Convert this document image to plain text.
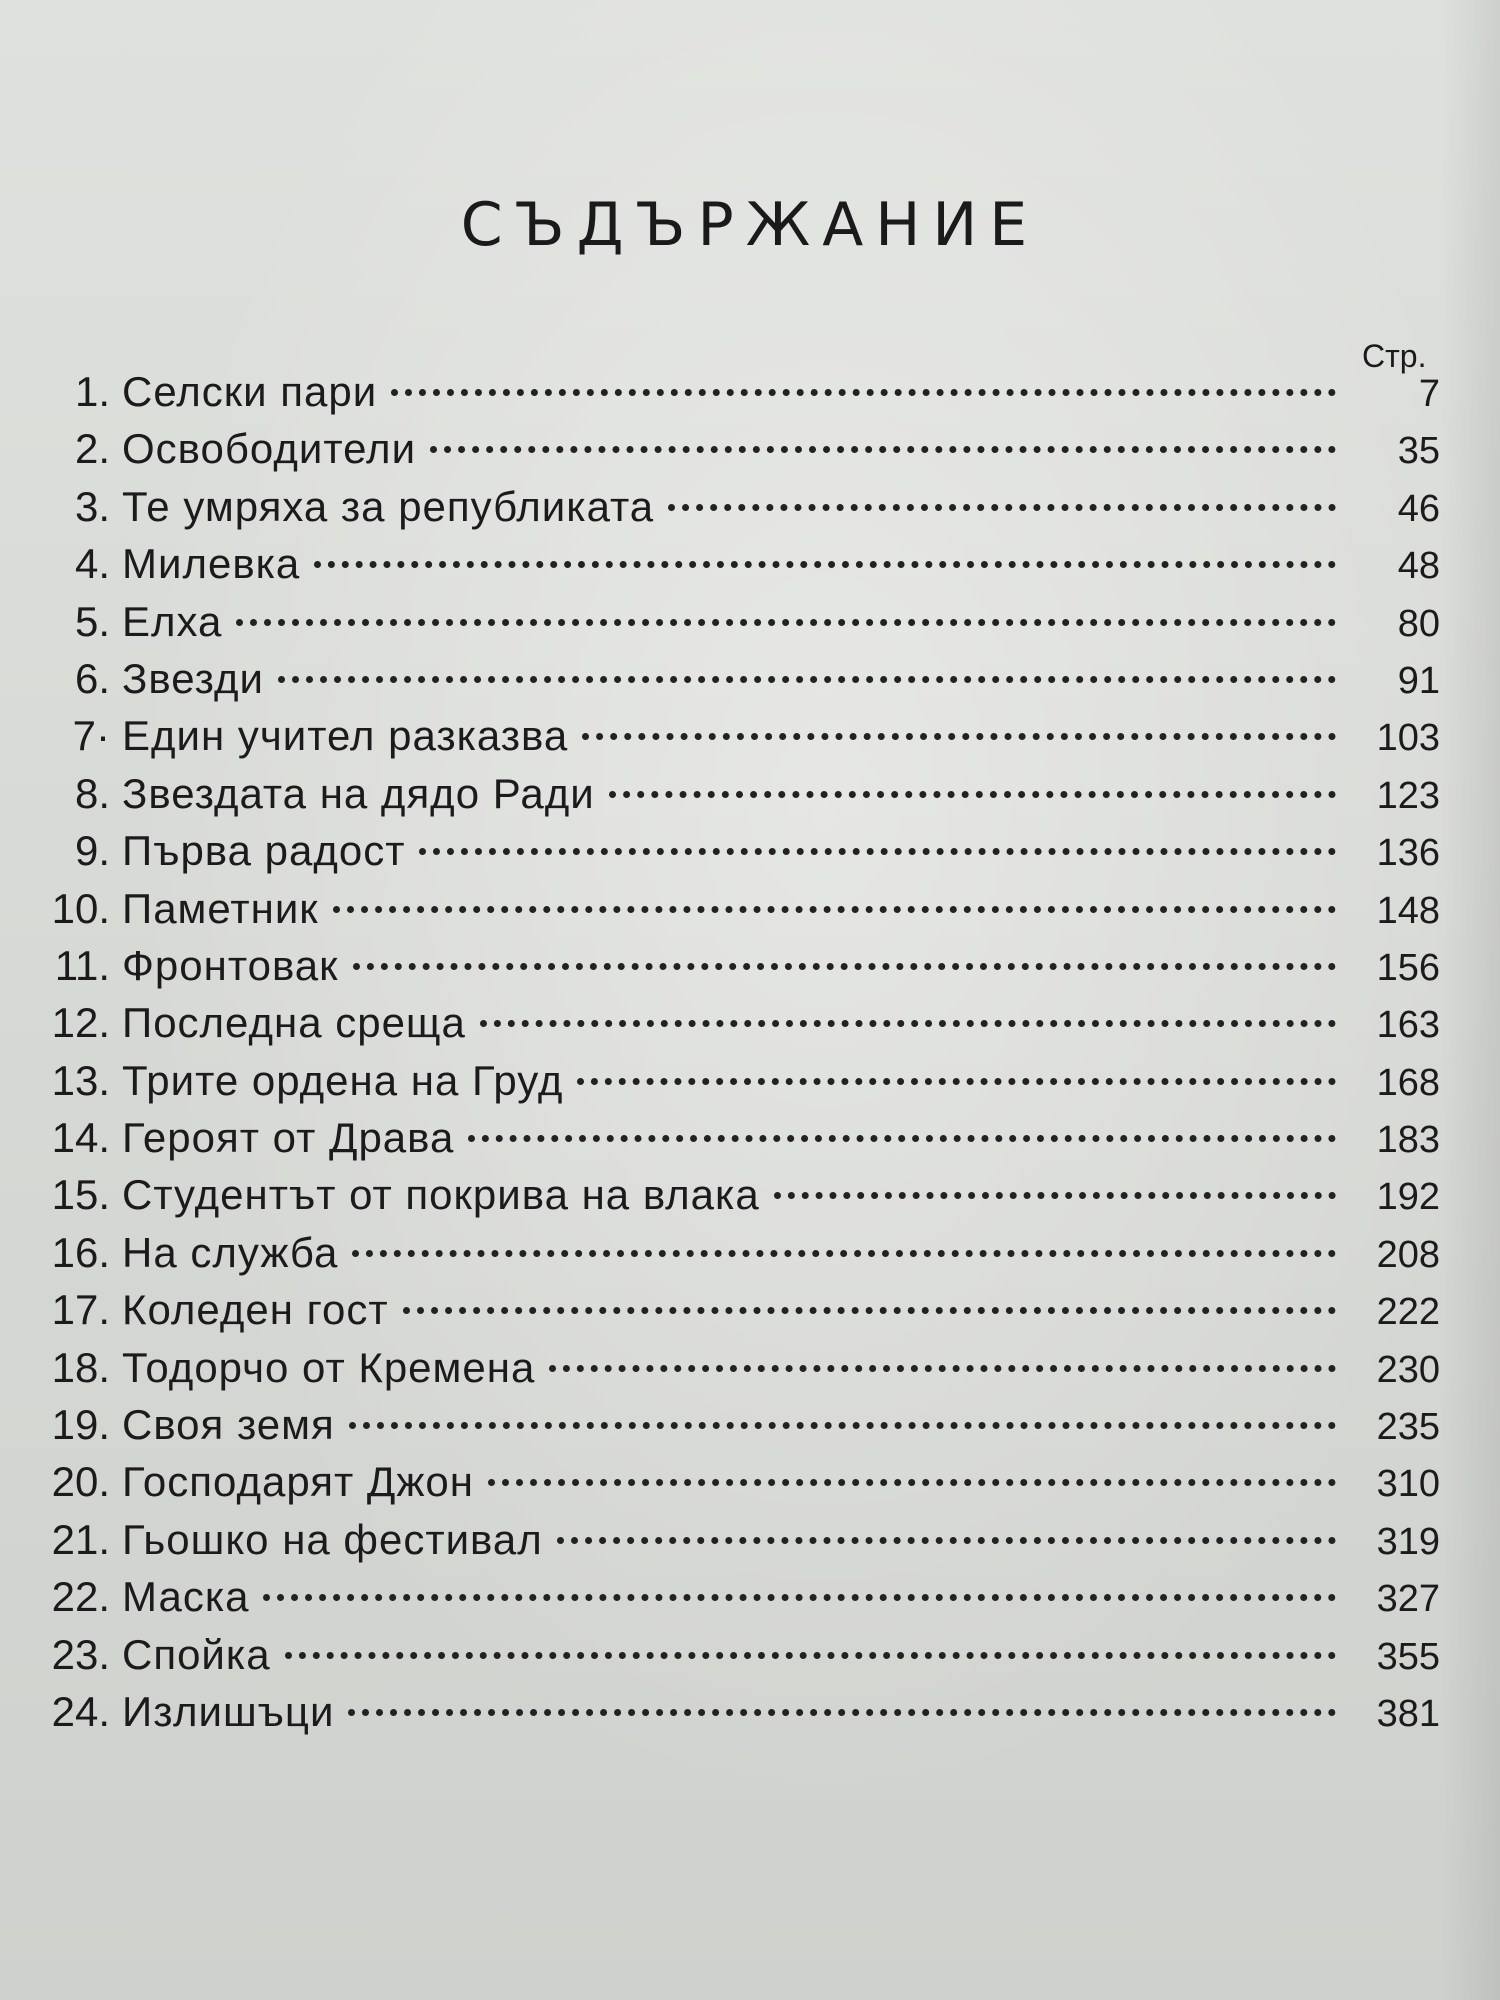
СЪДЪРЖАНИЕ
Стр.
1. Селски пари	7
2. Освободители	35
3. Те умряха за републиката	46
4. Милевка	48
5. Елха	80
6. Звезди	91
7· Един учител разказва	103
8. Звездата на дядо Ради	123
9. Първа радост	136
10. Паметник	148
11. Фронтовак	156
12. Последна среща	163
13. Трите ордена на Груд	168
14. Героят от Драва	183
15. Студентът от покрива на влака	192
16. На служба	208
17. Коледен гост	222
18. Тодорчо от Кремена	230
19. Своя земя	235
20. Господарят Джон	310
21. Гьошко на фестивал	319
22. Маска	327
23. Спойка	355
24. Излишъци	381
